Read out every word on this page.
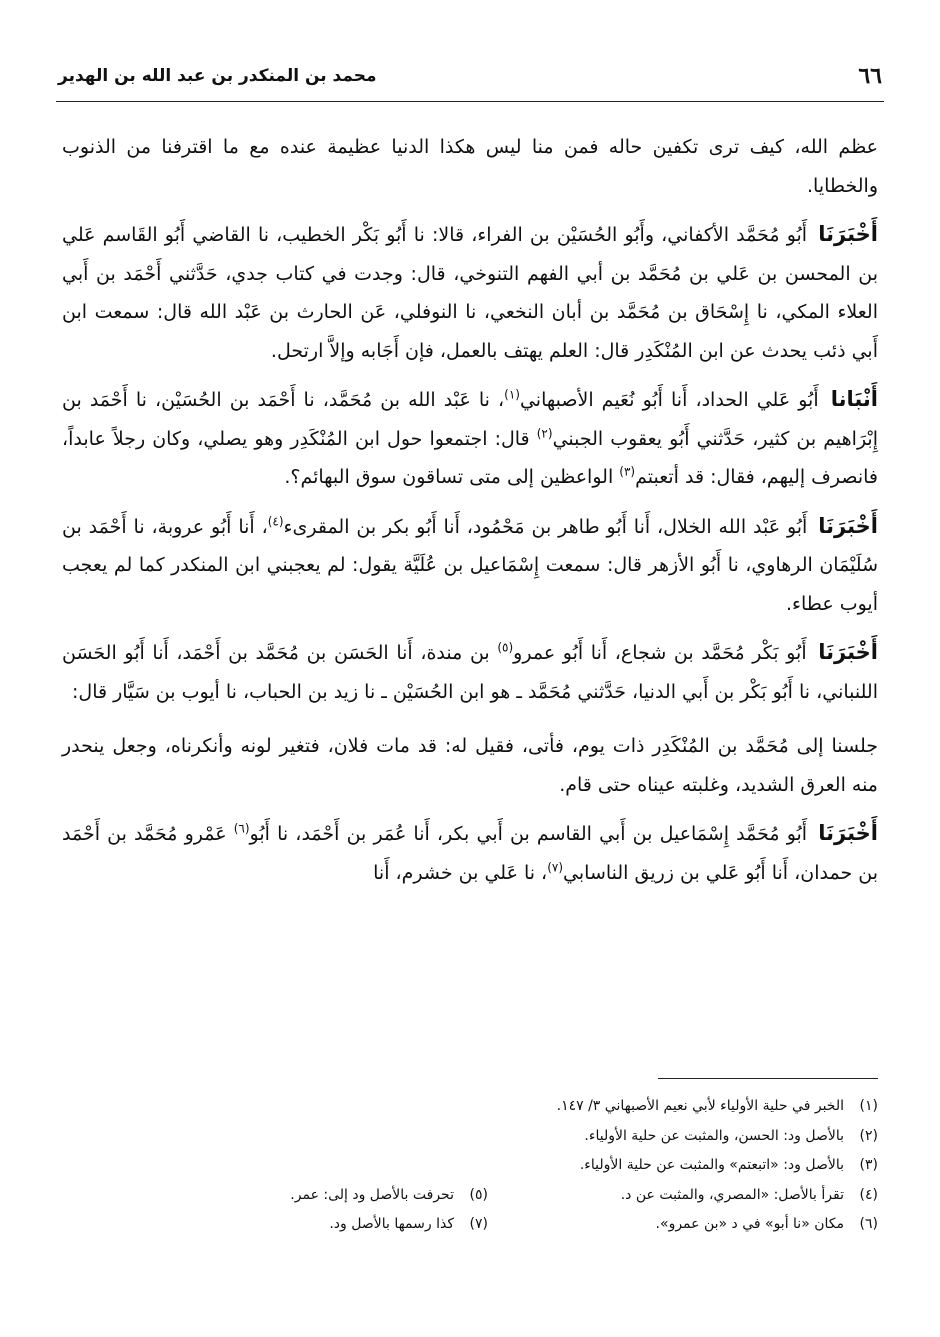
٦٦
محمد بن المنكدر بن عبد الله بن الهدير

عظم الله، كيف ترى تكفين حاله فمن منا ليس هكذا الدنيا عظيمة عنده مع ما اقترفنا من الذنوب والخطايا.

أَخْبَرَنَا أَبُو مُحَمَّد الأكفاني، وأَبُو الحُسَيْن بن الفراء، قالا: نا أَبُو بَكْر الخطيب، نا القاضي أَبُو القَاسم عَلي بن المحسن بن عَلي بن مُحَمَّد بن أبي الفهم التنوخي، قال: وجدت في كتاب جدي، حَدَّثني أَحْمَد بن أَبي العلاء المكي، نا إِسْحَاق بن مُحَمَّد بن أبان النخعي، نا النوفلي، عَن الحارث بن عَبْد الله قال: سمعت ابن أَبي ذئب يحدث عن ابن المُنْكَدِر قال: العلم يهتف بالعمل، فإن أَجَابه وإلاَّ ارتحل.

أَنْبَانا أَبُو عَلي الحداد، أَنا أَبُو نُعَيم الأصبهاني$^{(١)}$، نا عَبْد الله بن مُحَمَّد، نا أَحْمَد بن الحُسَيْن، نا أَحْمَد بن إِبْرَاهيم بن كثير، حَدَّثني أَبُو يعقوب الجبني$^{(٢)}$ قال: اجتمعوا حول ابن المُنْكَدِر وهو يصلي، وكان رجلاً عابداً، فانصرف إليهم، فقال: قد أتعبتم$^{(٣)}$ الواعظين إلى متى تساقون سوق البهائم؟.

أَخْبَرَنَا أَبُو عَبْد الله الخلال، أَنا أَبُو طاهر بن مَحْمُود، أَنا أَبُو بكر بن المقرىء$^{(٤)}$، أَنا أَبُو عروبة، نا أَحْمَد بن سُلَيْمَان الرهاوي، نا أَبُو الأزهر قال: سمعت إِسْمَاعيل بن عُلَيَّة يقول: لم يعجبني ابن المنكدر كما لم يعجب أيوب عطاء.

أَخْبَرَنَا أَبُو بَكْر مُحَمَّد بن شجاع، أَنا أَبُو عمرو$^{(٥)}$ بن مندة، أَنا الحَسَن بن مُحَمَّد بن أَحْمَد، أَنا أَبُو الحَسَن اللنباني، نا أَبُو بَكْر بن أَبي الدنيا، حَدَّثني مُحَمَّد ـ هو ابن الحُسَيْن ـ نا زيد بن الحباب، نا أيوب بن سَيَّار قال:

جلسنا إلى مُحَمَّد بن المُنْكَدِر ذات يوم، فأتى، فقيل له: قد مات فلان، فتغير لونه وأنكرناه، وجعل ينحدر منه العرق الشديد، وغلبته عيناه حتى قام.

أَخْبَرَنَا أَبُو مُحَمَّد إِسْمَاعيل بن أَبي القاسم بن أَبي بكر، أَنا عُمَر بن أَحْمَد، نا أَبُو$^{(٦)}$ عَمْرو مُحَمَّد بن أَحْمَد بن حمدان، أَنا أَبُو عَلي بن زريق الناسابي$^{(٧)}$، نا عَلي بن خشرم، أَنا

(١)
الخبر في حلية الأولياء لأبي نعيم الأصبهاني ٣/ ١٤٧.
(٢)
بالأصل ود: الحسن، والمثبت عن حلية الأولياء.
(٣)
بالأصل ود: «اتبعتم» والمثبت عن حلية الأولياء.
(٤)
تقرأ بالأصل: «المصري، والمثبت عن د.
(٥)
تحرفت بالأصل ود إلى: عمر.
(٦)
مكان «نا أبو» في د «بن عمرو».
(٧)
كذا رسمها بالأصل ود.
